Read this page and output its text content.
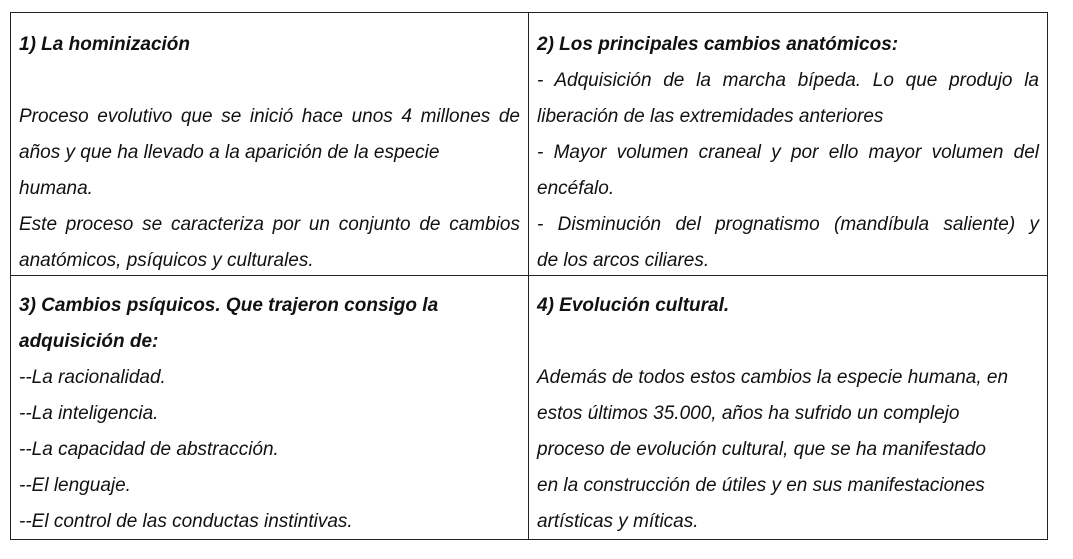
1) La hominización
Proceso evolutivo que se inició hace unos 4 millones de
años y que ha llevado a la aparición de la especie
humana.
Este proceso se caracteriza por un conjunto de cambios
anatómicos, psíquicos y culturales.
2) Los principales cambios anatómicos:
- Adquisición de la marcha bípeda. Lo que produjo la
liberación de las extremidades anteriores
- Mayor volumen craneal y por ello mayor volumen del
encéfalo.
- Disminución del prognatismo (mandíbula saliente) y
de los arcos ciliares.
3) Cambios psíquicos. Que trajeron consigo la
adquisición de:
--La racionalidad.
--La inteligencia.
--La capacidad de abstracción.
--El lenguaje.
--El control de las conductas instintivas.
4) Evolución cultural.
Además de todos estos cambios la especie humana, en
estos últimos 35.000, años ha sufrido un complejo
proceso de evolución cultural, que se ha manifestado
en la construcción de útiles y en sus manifestaciones
artísticas y míticas.
